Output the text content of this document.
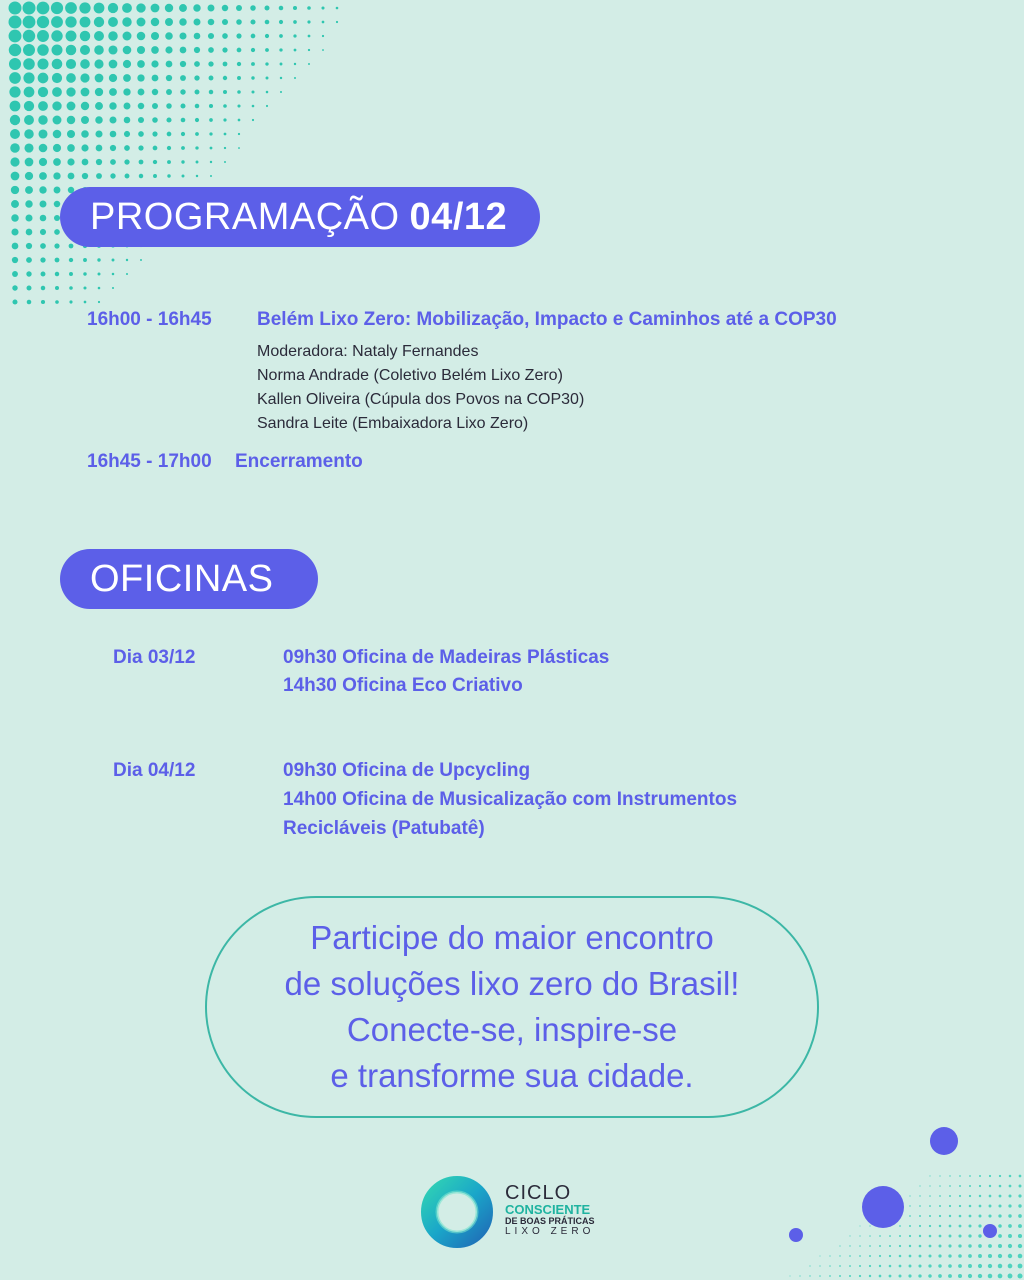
PROGRAMAÇÃO 04/12
16h00 - 16h45 Belém Lixo Zero: Mobilização, Impacto e Caminhos até a COP30
Moderadora: Nataly Fernandes
Norma Andrade (Coletivo Belém Lixo Zero)
Kallen Oliveira (Cúpula dos Povos na COP30)
Sandra Leite (Embaixadora Lixo Zero)
16h45 - 17h00 Encerramento
OFICINAS
Dia 03/12	09h30 Oficina de Madeiras Plásticas
14h30 Oficina Eco Criativo
Dia 04/12	09h30 Oficina de Upcycling
14h00 Oficina de Musicalização com Instrumentos
Recicláveis (Patubatê)
Participe do maior encontro
de soluções lixo zero do Brasil!
Conecte-se, inspire-se
e transforme sua cidade.
CICLO
CONSCIENTE
DE BOAS PRÁTICAS
LIXO ZERO
